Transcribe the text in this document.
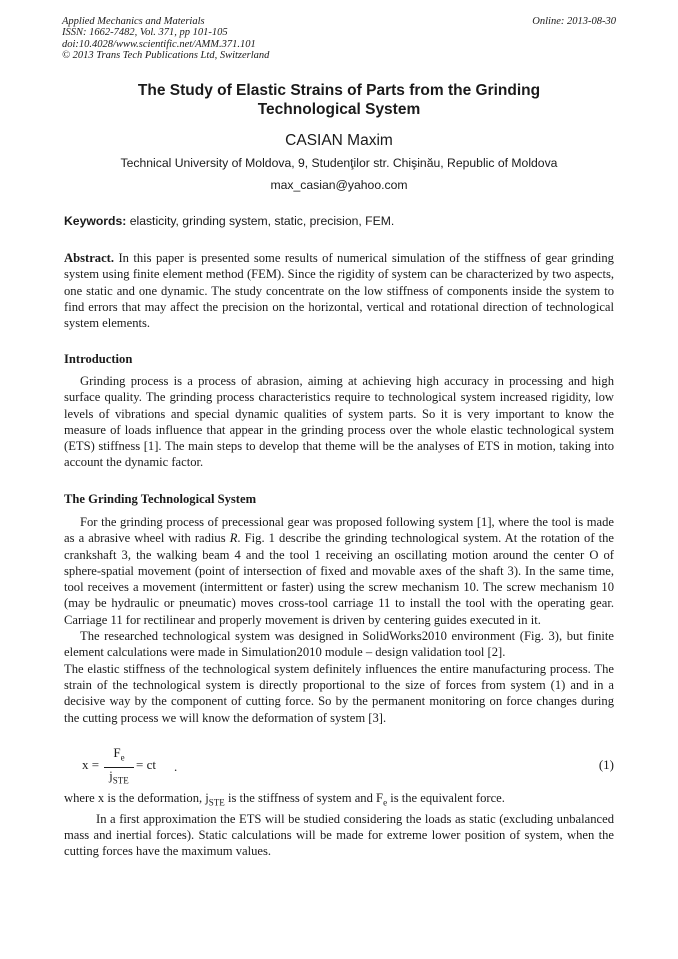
Applied Mechanics and Materials
ISSN: 1662-7482, Vol. 371, pp 101-105
doi:10.4028/www.scientific.net/AMM.371.101
© 2013 Trans Tech Publications Ltd, Switzerland
Online: 2013-08-30
The Study of Elastic Strains of Parts from the Grinding Technological System
CASIAN Maxim
Technical University of Moldova, 9, Studenţilor str. Chişinău, Republic of Moldova
max_casian@yahoo.com
Keywords: elasticity, grinding system, static, precision, FEM.

Abstract. In this paper is presented some results of numerical simulation of the stiffness of gear grinding system using finite element method (FEM). Since the rigidity of system can be characterized by two aspects, one static and one dynamic. The study concentrate on the low stiffness of components inside the system to find errors that may affect the precision on the horizontal, vertical and rotational direction of technological system elements.

Introduction

Grinding process is a process of abrasion, aiming at achieving high accuracy in processing and high surface quality. The grinding process characteristics require to technological system increased rigidity, low levels of vibrations and special dynamic qualities of system parts. So it is very important to know the measure of loads influence that appear in the grinding process over the whole elastic technological system (ETS) stiffness [1]. The main steps to develop that theme will be the analyses of ETS in motion, taking into account the dynamic factor.

The Grinding Technological System

For the grinding process of precessional gear was proposed following system [1], where the tool is made as a abrasive wheel with radius R. Fig. 1 describe the grinding technological system. At the rotation of the crankshaft 3, the walking beam 4 and the tool 1 receiving an oscillating motion around the center O of sphere-spatial movement (point of intersection of fixed and movable axes of the shaft 3). In the same time, tool receives a movement (intermittent or faster) using the screw mechanism 10. The screw mechanism 10 (may be hydraulic or pneumatic) moves cross-tool carriage 11 to install the tool with the operating gear. Carriage 11 for rectilinear and properly movement is driven by centering guides executed in it.

The researched technological system was designed in SolidWorks2010 environment (Fig. 3), but finite element calculations were made in Simulation2010 module – design validation tool [2].

The elastic stiffness of the technological system definitely influences the entire manufacturing process. The strain of the technological system is directly proportional to the size of forces from system (1) and in a decisive way by the component of cutting force. So by the permanent monitoring on force changes during the cutting process we will know the deformation of system [3].

x =
$F_e$
$j_{STE}$
= ct .	(1)

where x is the deformation, $j_{STE}$ is the stiffness of system and $F_e$ is the equivalent force.

In a first approximation the ETS will be studied considering the loads as static (excluding unbalanced mass and inertial forces). Static calculations will be made for extreme lower position of system, when the cutting forces have the maximum values.
